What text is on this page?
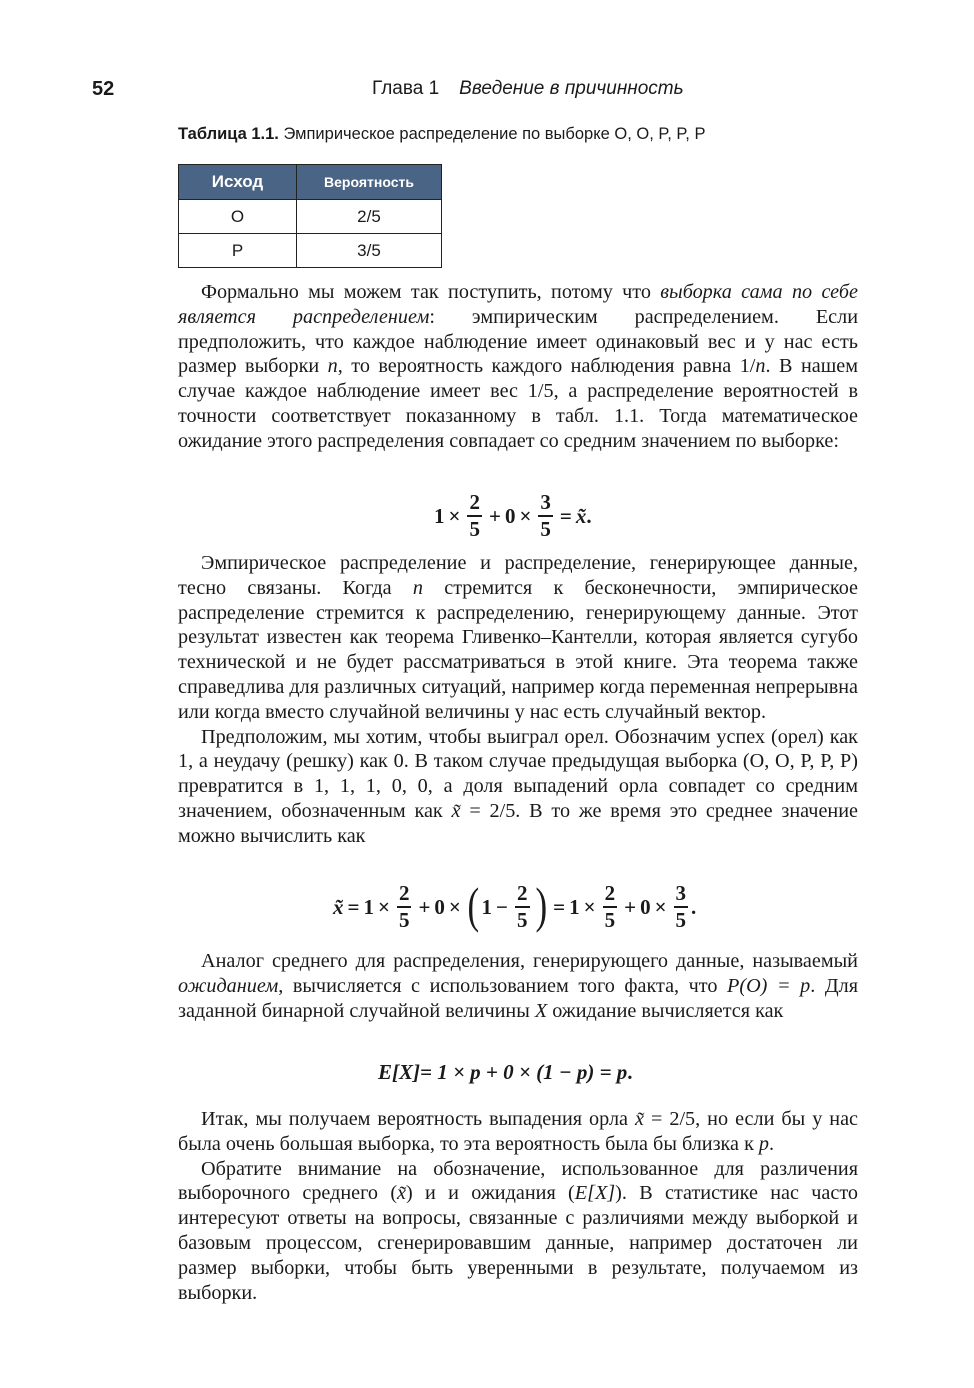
52	Глава 1 Введение в причинность
Таблица 1.1. Эмпирическое распределение по выборке O, O, P, P, P
Исход	Вероятность
O	2/5
P	3/5

Формально мы можем так поступить, потому что выборка сама по себе является распределением: эмпирическим распределением. Если предположить, что каждое наблюдение имеет одинаковый вес и у нас есть размер выборки n, то вероятность каждого наблюдения равна 1/n. В нашем случае каждое наблюдение имеет вес 1/5, а распределение вероятностей в точности соответствует показанному в табл. 1.1. Тогда математическое ожидание этого распределения совпадает со средним значением по выборке:

$1 \times \frac{2}{5} + 0 \times \frac{3}{5}$ = x̃ .

Эмпирическое распределение и распределение, генерирующее данные, тесно связаны. Когда n стремится к бесконечности, эмпирическое распределение стремится к распределению, генерирующему данные. Этот результат известен как теорема Гливенко–Кантелли, которая является сугубо технической и не будет рассматриваться в этой книге. Эта теорема также справедлива для различных ситуаций, например когда переменная непрерывна или когда вместо случайной величины у нас есть случайный вектор.

Предположим, мы хотим, чтобы выиграл орел. Обозначим успех (орел) как 1, а неудачу (решку) как 0. В таком случае предыдущая выборка (O, O, P, P, P) превратится в 1, 1, 1, 0, 0, а доля выпадений орла совпадет со средним значением, обозначенным как x̃ = 2/5. В то же время это среднее значение можно вычислить как

x̃ = $1 \times \frac{2}{5} + 0$ × ( $1 - \frac{2}{5}$ ) = $1 \times \frac{2}{5} + 0 \times \frac{3}{5}$ .

Аналог среднего для распределения, генерирующего данные, называемый ожиданием, вычисляется с использованием того факта, что P(O) = p. Для заданной бинарной случайной величины X ожидание вычисляется как

E[X] = 1 × p + 0 × (1 − p) = p .

Итак, мы получаем вероятность выпадения орла x̃ = 2/5, но если бы у нас была очень большая выборка, то эта вероятность была бы близка к p.

Обратите внимание на обозначение, использованное для различения выборочного среднего (x̃) и и ожидания (E[X]). В статистике нас часто интересуют ответы на вопросы, связанные с различиями между выборкой и базовым процессом, сгенерировавшим данные, например достаточен ли размер выборки, чтобы быть уверенными в результате, получаемом из выборки.
